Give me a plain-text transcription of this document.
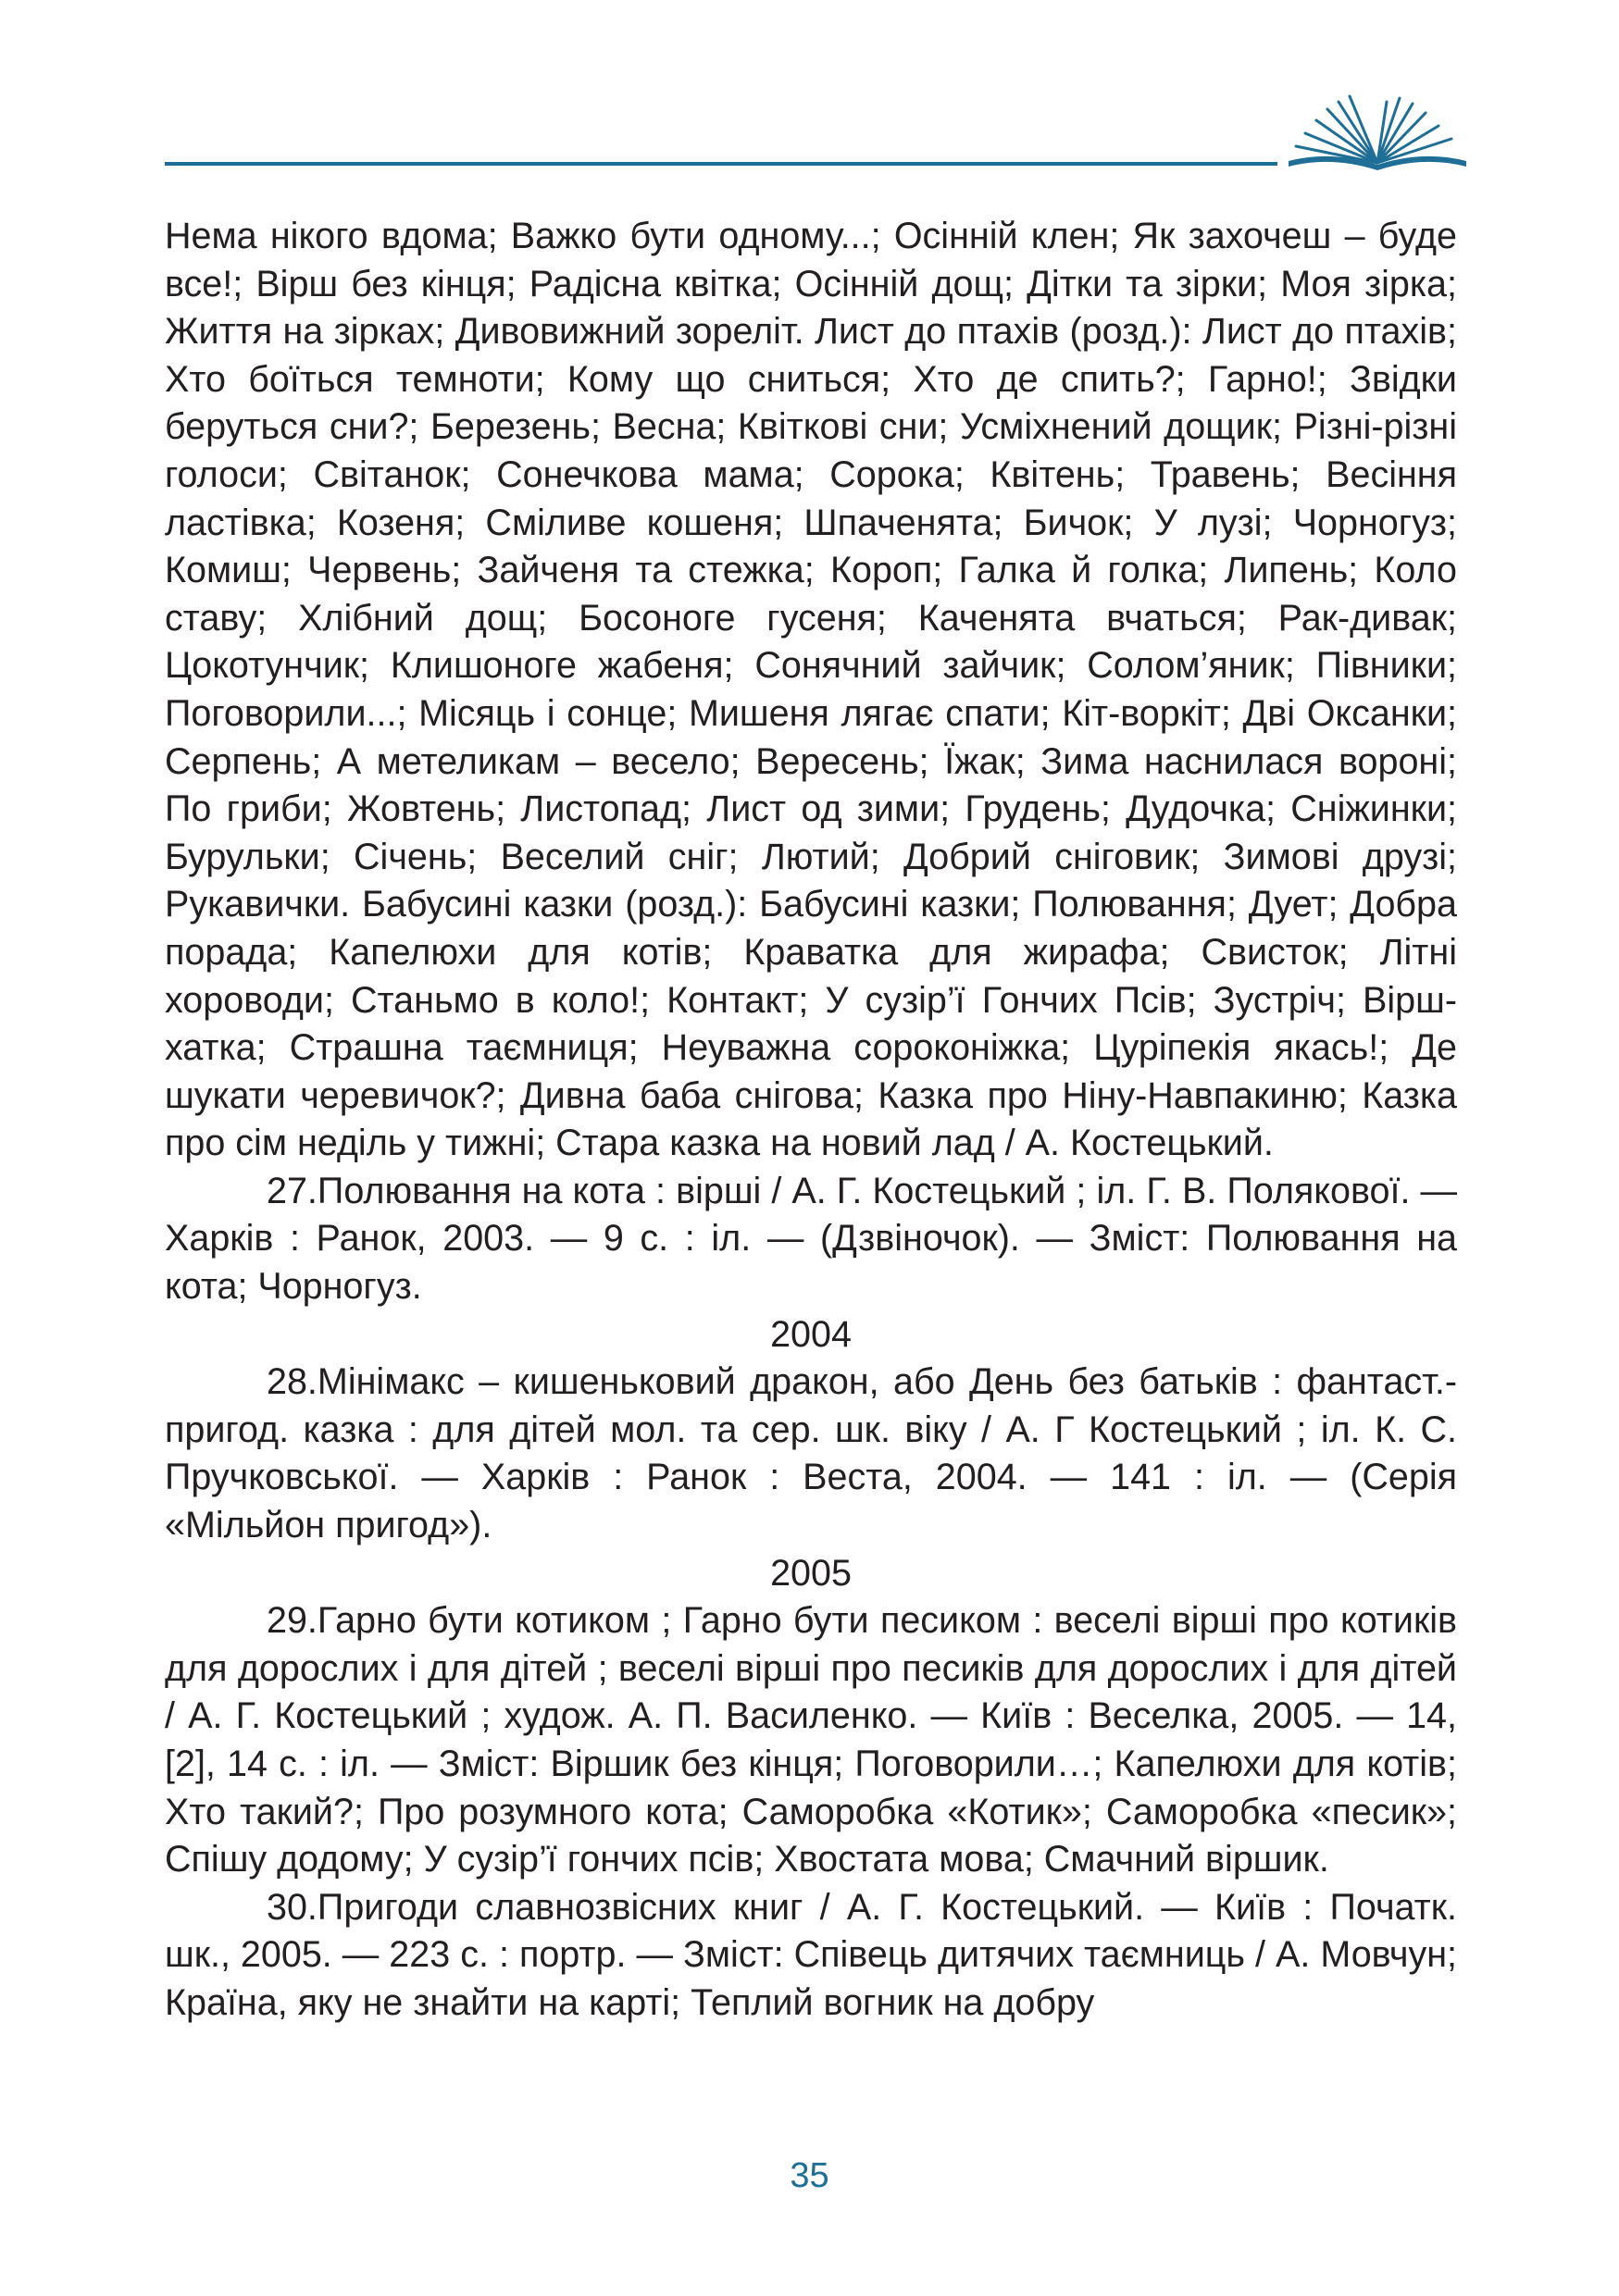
Нема нікого вдома; Важко бути одному...; Осінній клен; Як захочеш – буде все!; Вірш без кінця; Радісна квітка; Осінній дощ; Дітки та зірки; Моя зірка; Життя на зірках; Дивовижний зореліт. Лист до птахів (розд.): Лист до птахів; Хто боїться темноти; Кому що сниться; Хто де спить?; Гарно!; Звідки беруться сни?; Березень; Весна; Квіткові сни; Усміхнений дощик; Різні-різні голоси; Світанок; Сонечкова мама; Сорока; Квітень; Травень; Весіння ластівка; Козеня; Сміливе кошеня; Шпаченята; Бичок; У лузі; Чорногуз; Комиш; Червень; Зайченя та стежка; Короп; Галка й голка; Липень; Коло ставу; Хлібний дощ; Босоноге гусеня; Каченята вчаться; Рак-дивак; Цокотунчик; Клишоноге жабеня; Сонячний зайчик; Солом’яник; Півники; Поговорили...; Місяць і сонце; Мишеня лягає спати; Кіт-воркіт; Дві Оксанки; Серпень; А метеликам – весело; Вересень; Їжак; Зима наснилася вороні; По гриби; Жовтень; Листопад; Лист од зими; Грудень; Дудочка; Сніжинки; Бурульки; Січень; Веселий сніг; Лютий; Добрий сніговик; Зимові друзі; Рукавички. Бабусині казки (розд.): Бабусині казки; Полювання; Дует; Добра порада; Капелюхи для котів; Краватка для жирафа; Свисток; Літні хороводи; Станьмо в коло!; Контакт; У сузір’ї Гончих Псів; Зустріч; Вірш-хатка; Страшна таємниця; Неуважна сороконіжка; Цуріпекія якась!; Де шукати черевичок?; Дивна баба снігова; Казка про Ніну-Навпакиню; Казка про сім неділь у тижні; Стара казка на новий лад / А. Костецький.

27.Полювання на кота : вірші / А. Г. Костецький ; іл. Г. В. Полякової. — Харків : Ранок, 2003. — 9 с. : іл. — (Дзвіночок). — Зміст: Полювання на кота; Чорногуз.

2004

28.Мінімакс – кишеньковий дракон, або День без батьків : фантаст.-пригод. казка : для дітей мол. та сер. шк. віку / А. Г Костецький ; іл. К. С. Пручковської. — Харків : Ранок : Веста, 2004. — 141 : іл. — (Серія «Мільйон пригод»).

2005

29.Гарно бути котиком ; Гарно бути песиком : веселі вірші про котиків для дорослих і для дітей ; веселі вірші про песиків для дорослих і для дітей / А. Г. Костецький ; худож. А. П. Василенко. — Київ : Веселка, 2005. — 14, [2], 14 с. : іл. — Зміст: Віршик без кінця; Поговорили…; Капелюхи для котів; Хто такий?; Про розумного кота; Саморобка «Котик»; Саморобка «песик»; Спішу додому; У сузір’ї гончих псів; Хвостата мова; Смачний віршик.

30.Пригоди славнозвісних книг / А. Г. Костецький. — Київ : Початк. шк., 2005. — 223 с. : портр. — Зміст: Співець дитячих таємниць / А. Мовчун; Країна, яку не знайти на карті; Теплий вогник на добру

35
